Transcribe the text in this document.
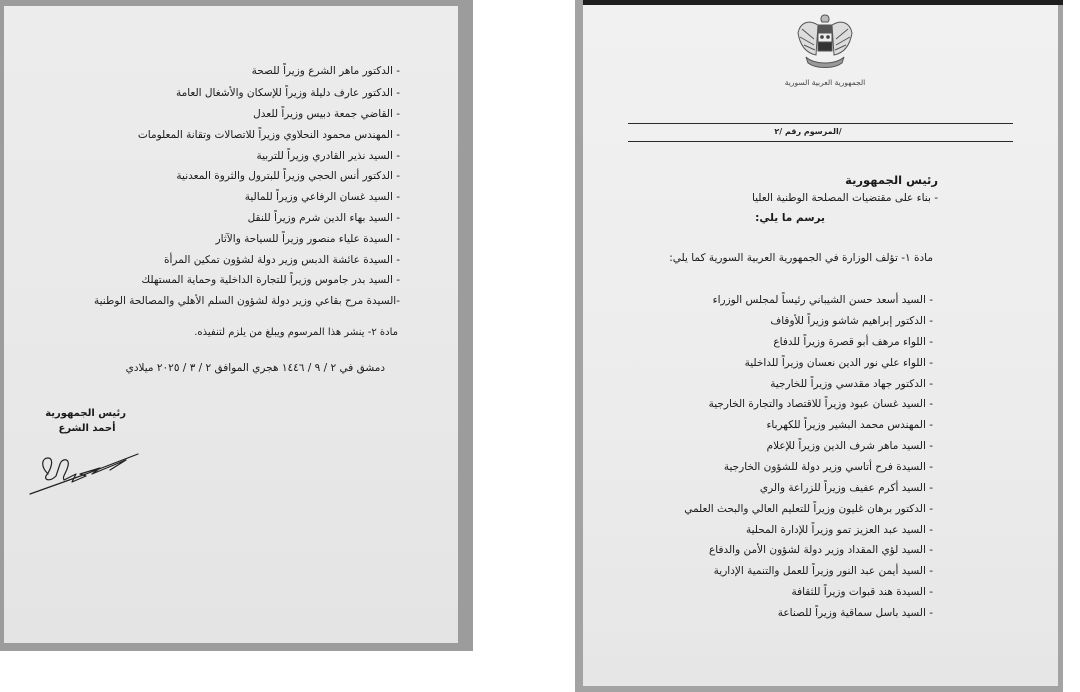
- الدكتور ماهر الشرع وزيراً للصحة
- الدكتور عارف دليلة وزيراً للإسكان والأشغال العامة
- القاضي جمعة دبيس وزيراً للعدل
- المهندس محمود النحلاوي وزيراً للاتصالات وتقانة المعلومات
- السيد نذير القادري وزيراً للتربية
- الدكتور أنس الحجي وزيراً للبترول والثروة المعدنية
- السيد غسان الرفاعي وزيراً للمالية
- السيد بهاء الدين شرم وزيراً للنقل
- السيدة علياء منصور وزيراً للسياحة والآثار
- السيدة عائشة الدبس وزير دولة لشؤون تمكين المرأة
- السيد بدر جاموس وزيراً للتجارة الداخلية وحماية المستهلك
-السيدة مرح بقاعي وزير دولة لشؤون السلم الأهلي والمصالحة الوطنية
مادة ٢- ينشر هذا المرسوم ويبلغ من يلزم لتنفيذه.
دمشق في ٢ / ٩ / ١٤٤٦ هجري الموافق ٢ / ٣ / ٢٠٢٥ ميلادي
رئيس الجمهورية
أحمد الشرع
الجمهورية العربية السورية
المرسوم رقم /٢/
رئيس الجمهورية
- بناء على مقتضيات المصلحة الوطنية العليا
يرسم ما يلي:
مادة ١- تؤلف الوزارة في الجمهورية العربية السورية كما يلي:
- السيد أسعد حسن الشيباني رئيساً لمجلس الوزراء
- الدكتور إبراهيم شاشو وزيراً للأوقاف
- اللواء مرهف أبو قصرة وزيراً للدفاع
- اللواء علي نور الدين نعسان وزيراً للداخلية
- الدكتور جهاد مقدسي وزيراً للخارجية
- السيد غسان عبود وزيراً للاقتصاد والتجارة الخارجية
- المهندس محمد البشير وزيراً للكهرباء
- السيد ماهر شرف الدين وزيراً للإعلام
- السيدة فرح أتاسي وزير دولة للشؤون الخارجية
- السيد أكرم عفيف وزيراً للزراعة والري
- الدكتور برهان غليون وزيراً للتعليم العالي والبحث العلمي
- السيد عبد العزيز تمو وزيراً للإدارة المحلية
- السيد لؤي المقداد وزير دولة لشؤون الأمن والدفاع
- السيد أيمن عبد النور وزيراً للعمل والتنمية الإدارية
- السيدة هند قبوات وزيراً للثقافة
- السيد باسل سماقية وزيراً للصناعة
